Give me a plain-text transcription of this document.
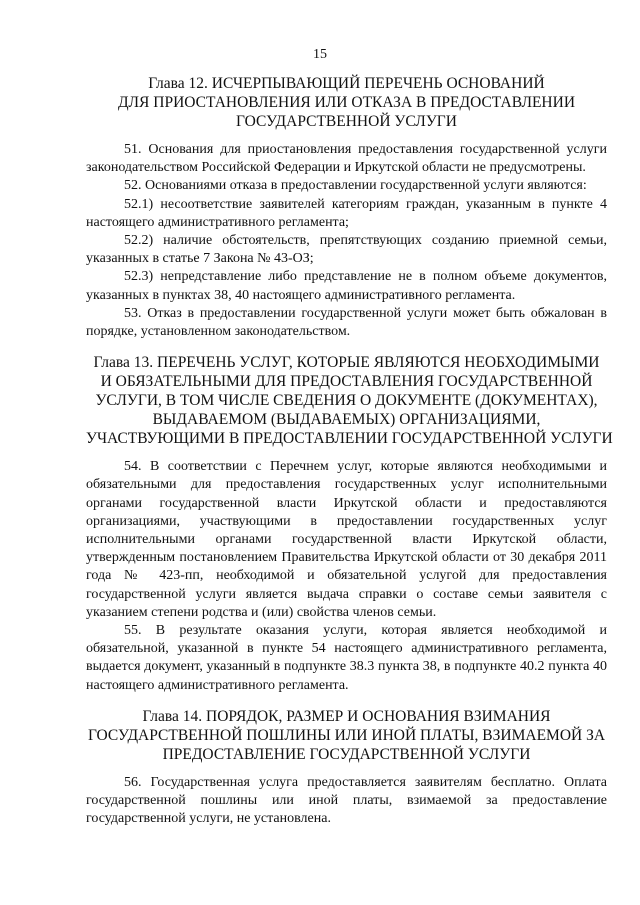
15
Глава 12. ИСЧЕРПЫВАЮЩИЙ ПЕРЕЧЕНЬ ОСНОВАНИЙ
ДЛЯ ПРИОСТАНОВЛЕНИЯ ИЛИ ОТКАЗА В ПРЕДОСТАВЛЕНИИ
ГОСУДАРСТВЕННОЙ УСЛУГИ

51. Основания для приостановления предоставления государственной услуги законодательством Российской Федерации и Иркутской области не предусмотрены.

52. Основаниями отказа в предоставлении государственной услуги являются:

52.1) несоответствие заявителей категориям граждан, указанным в пункте 4 настоящего административного регламента;

52.2) наличие обстоятельств, препятствующих созданию приемной семьи, указанных в статье 7 Закона № 43-ОЗ;

52.3) непредставление либо представление не в полном объеме документов, указанных в пунктах 38, 40 настоящего административного регламента.

53. Отказ в предоставлении государственной услуги может быть обжалован в порядке, установленном законодательством.

Глава 13. ПЕРЕЧЕНЬ УСЛУГ, КОТОРЫЕ ЯВЛЯЮТСЯ НЕОБХОДИМЫМИ
И ОБЯЗАТЕЛЬНЫМИ ДЛЯ ПРЕДОСТАВЛЕНИЯ ГОСУДАРСТВЕННОЙ
УСЛУГИ, В ТОМ ЧИСЛЕ СВЕДЕНИЯ О ДОКУМЕНТЕ (ДОКУМЕНТАХ),
ВЫДАВАЕМОМ (ВЫДАВАЕМЫХ) ОРГАНИЗАЦИЯМИ,
УЧАСТВУЮЩИМИ В ПРЕДОСТАВЛЕНИИ ГОСУДАРСТВЕННОЙ УСЛУГИ

54. В соответствии с Перечнем услуг, которые являются необходимыми и обязательными для предоставления государственных услуг исполнительными органами государственной власти Иркутской области и предоставляются организациями, участвующими в предоставлении государственных услуг исполнительными органами государственной власти Иркутской области, утвержденным постановлением Правительства Иркутской области от 30 декабря 2011 года № 423-пп, необходимой и обязательной услугой для предоставления государственной услуги является выдача справки о составе семьи заявителя с указанием степени родства и (или) свойства членов семьи.

55. В результате оказания услуги, которая является необходимой и обязательной, указанной в пункте 54 настоящего административного регламента, выдается документ, указанный в подпункте 38.3 пункта 38, в подпункте 40.2 пункта 40 настоящего административного регламента.

Глава 14. ПОРЯДОК, РАЗМЕР И ОСНОВАНИЯ ВЗИМАНИЯ
ГОСУДАРСТВЕННОЙ ПОШЛИНЫ ИЛИ ИНОЙ ПЛАТЫ, ВЗИМАЕМОЙ ЗА
ПРЕДОСТАВЛЕНИЕ ГОСУДАРСТВЕННОЙ УСЛУГИ

56. Государственная услуга предоставляется заявителям бесплатно. Оплата государственной пошлины или иной платы, взимаемой за предоставление государственной услуги, не установлена.
